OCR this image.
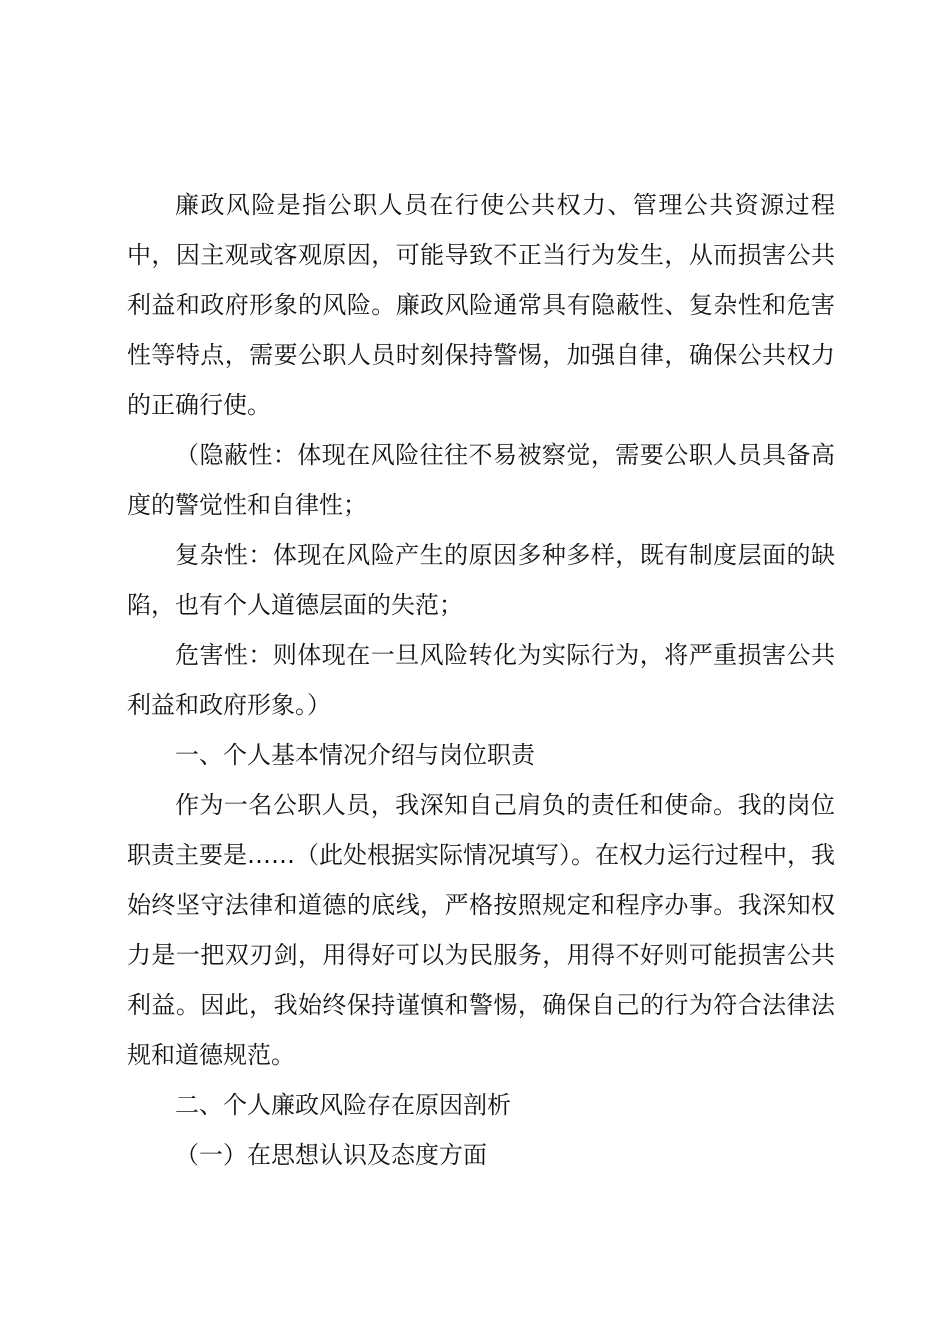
廉政风险是指公职人员在行使公共权力、管理公共资源过程中，因主观或客观原因，可能导致不正当行为发生，从而损害公共利益和政府形象的风险。廉政风险通常具有隐蔽性、复杂性和危害性等特点，需要公职人员时刻保持警惕，加强自律，确保公共权力的正确行使。

（隐蔽性：体现在风险往往不易被察觉，需要公职人员具备高度的警觉性和自律性；

复杂性：体现在风险产生的原因多种多样，既有制度层面的缺陷，也有个人道德层面的失范；

危害性：则体现在一旦风险转化为实际行为，将严重损害公共利益和政府形象。）

一、个人基本情况介绍与岗位职责

作为一名公职人员，我深知自己肩负的责任和使命。我的岗位职责主要是……（此处根据实际情况填写）。在权力运行过程中，我始终坚守法律和道德的底线，严格按照规定和程序办事。我深知权力是一把双刃剑，用得好可以为民服务，用得不好则可能损害公共利益。因此，我始终保持谨慎和警惕，确保自己的行为符合法律法规和道德规范。

二、个人廉政风险存在原因剖析

（一）在思想认识及态度方面
